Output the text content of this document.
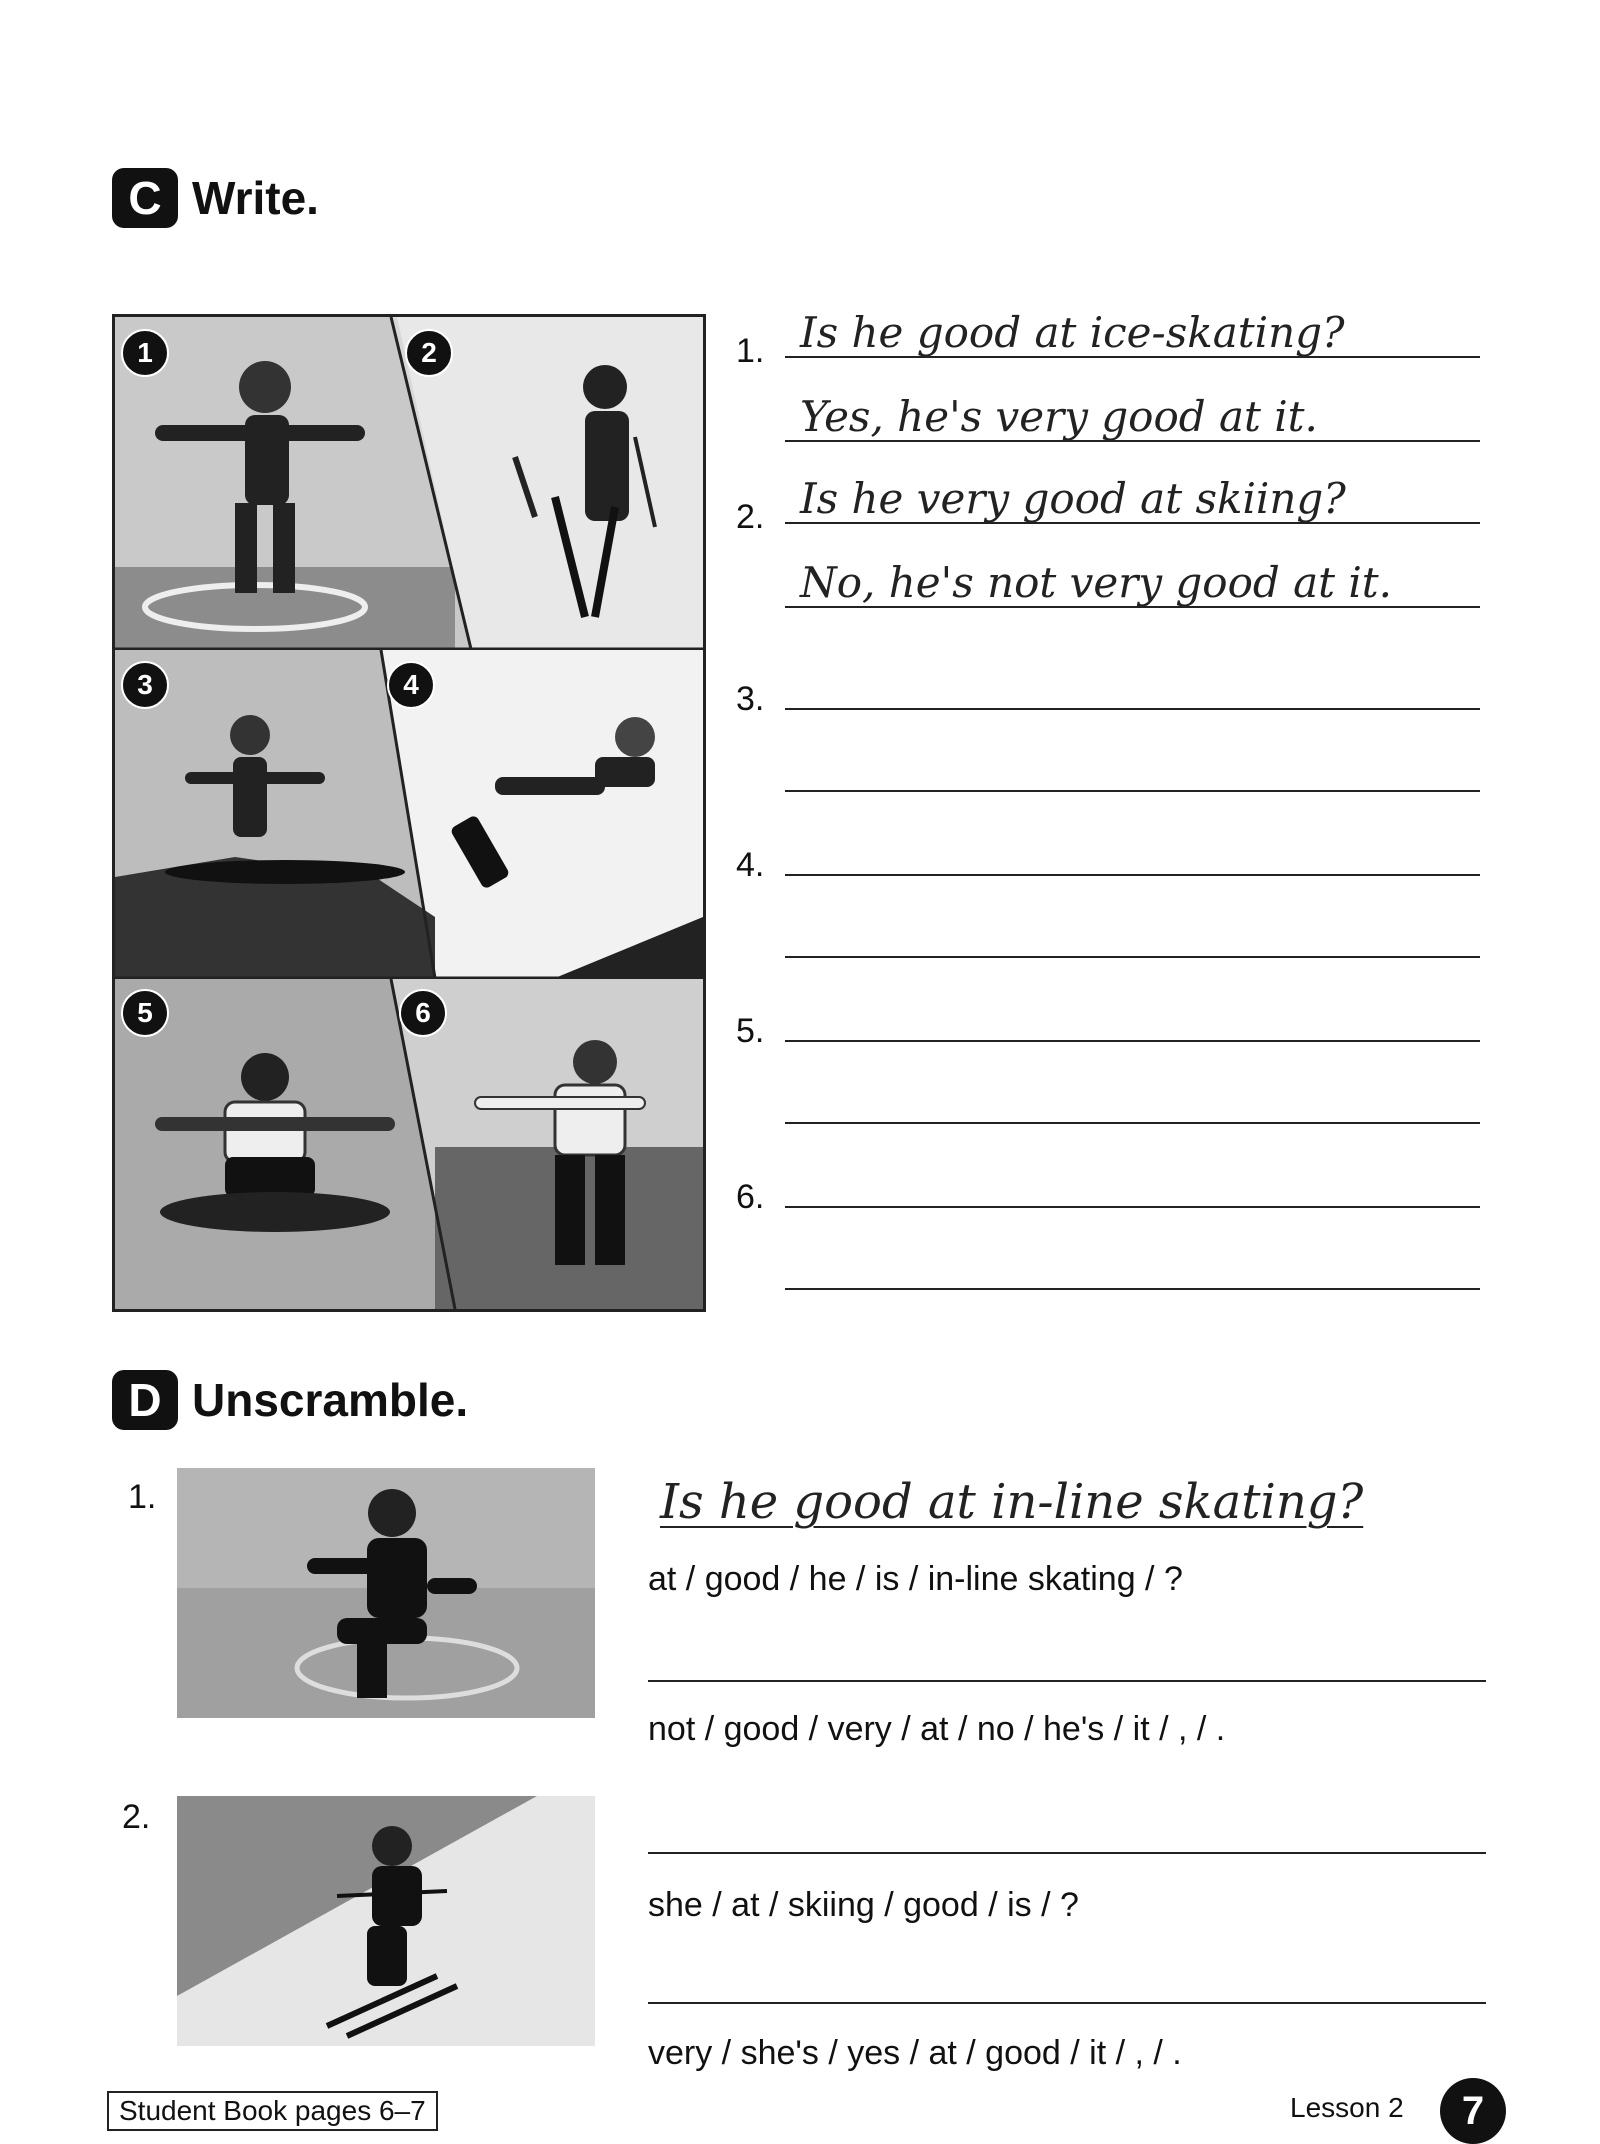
C Write.
1	2
3	4
5	6
1. Is he good at ice-skating?
Yes, he's very good at it.
2. Is he very good at skiing?
No, he's not very good at it.
3.
4.
5.
6.
D Unscramble.
1.	Is he good at in-line skating?
at / good / he / is / in-line skating / ?
not / good / very / at / no / he's / it / , / .
2.
she / at / skiing / good / is / ?
very / she's / yes / at / good / it / , / .
Student Book pages 6–7	Lesson 2	7
